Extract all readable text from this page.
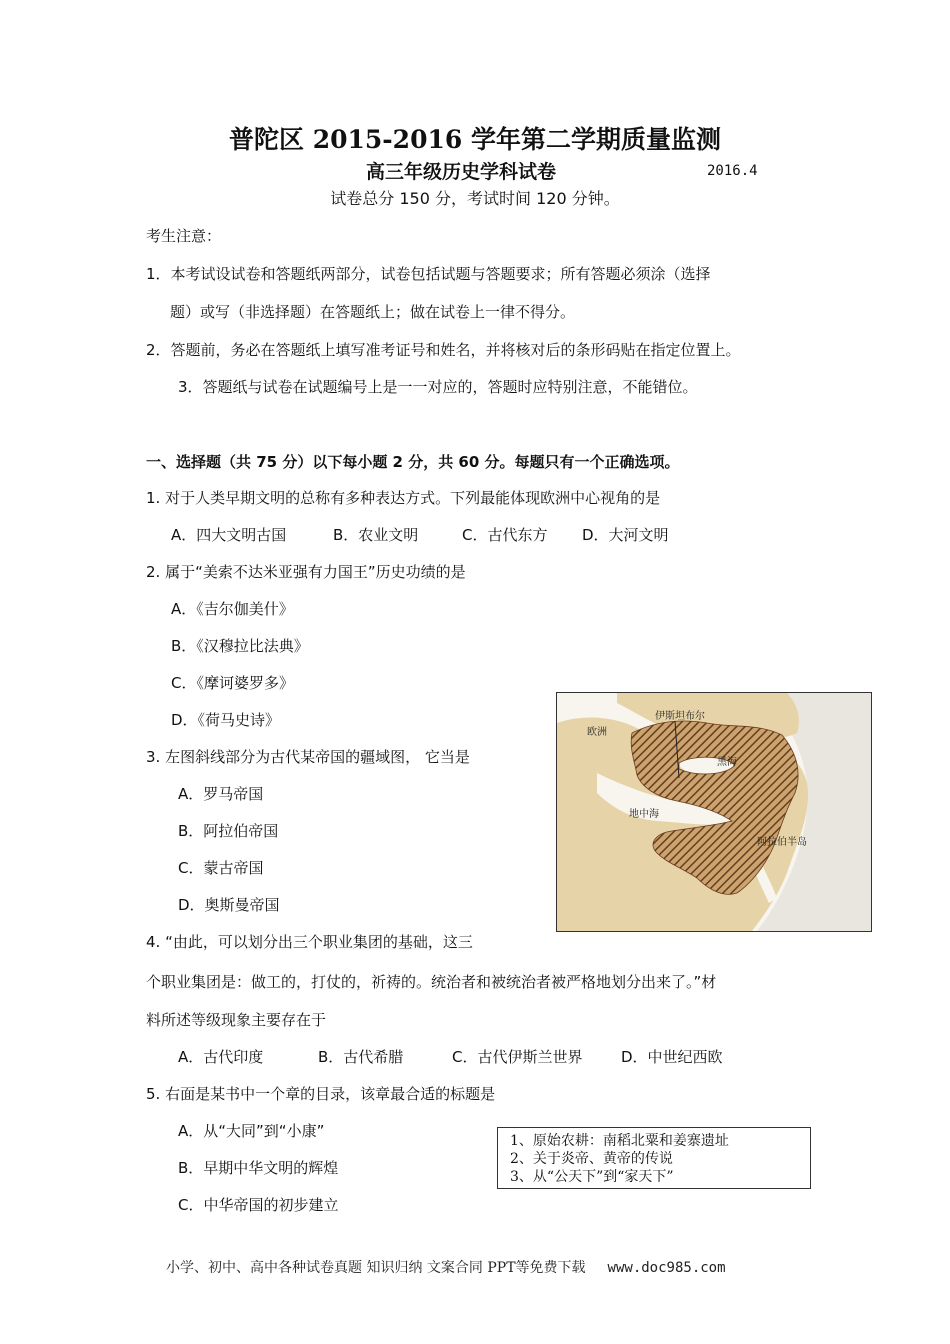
普陀区 2015-2016 学年第二学期质量监测
高三年级历史学科试卷	2016.4
试卷总分 150 分，考试时间 120 分钟。
考生注意：
1．本考试设试卷和答题纸两部分，试卷包括试题与答题要求；所有答题必须涂（选择
题）或写（非选择题）在答题纸上；做在试卷上一律不得分。
2．答题前，务必在答题纸上填写准考证号和姓名，并将核对后的条形码贴在指定位置上。
3．答题纸与试卷在试题编号上是一一对应的，答题时应特别注意，不能错位。
一、选择题（共 75 分）以下每小题 2 分，共 60 分。每题只有一个正确选项。
1. 对于人类早期文明的总称有多种表达方式。下列最能体现欧洲中心视角的是
A．四大文明古国	B．农业文明	C．古代东方 D．大河文明
2. 属于“美索不达米亚强有力国王”历史功绩的是
A．《吉尔伽美什》
B．《汉穆拉比法典》
C．《摩诃婆罗多》
D．《荷马史诗》
3. 左图斜线部分为古代某帝国的疆域图， 它当是
A．罗马帝国
B．阿拉伯帝国
C．蒙古帝国
D．奥斯曼帝国
伊斯坦布尔
欧洲
黑海
地中海
阿拉伯半岛
4. “由此，可以划分出三个职业集团的基础，这三
个职业集团是：做工的，打仗的，祈祷的。统治者和被统治者被严格地划分出来了。”材
料所述等级现象主要存在于
A．古代印度	B．古代希腊	C．古代伊斯兰世界	D．中世纪西欧
5. 右面是某书中一个章的目录，该章最合适的标题是
A．从“大同”到“小康”
B．早期中华文明的辉煌
C．中华帝国的初步建立
1、原始农耕：南稻北粟和姜寨遗址
2、关于炎帝、黄帝的传说
3、从“公天下”到“家天下”
小学、初中、高中各种试卷真题 知识归纳 文案合同 PPT等免费下载 www.doc985.com
